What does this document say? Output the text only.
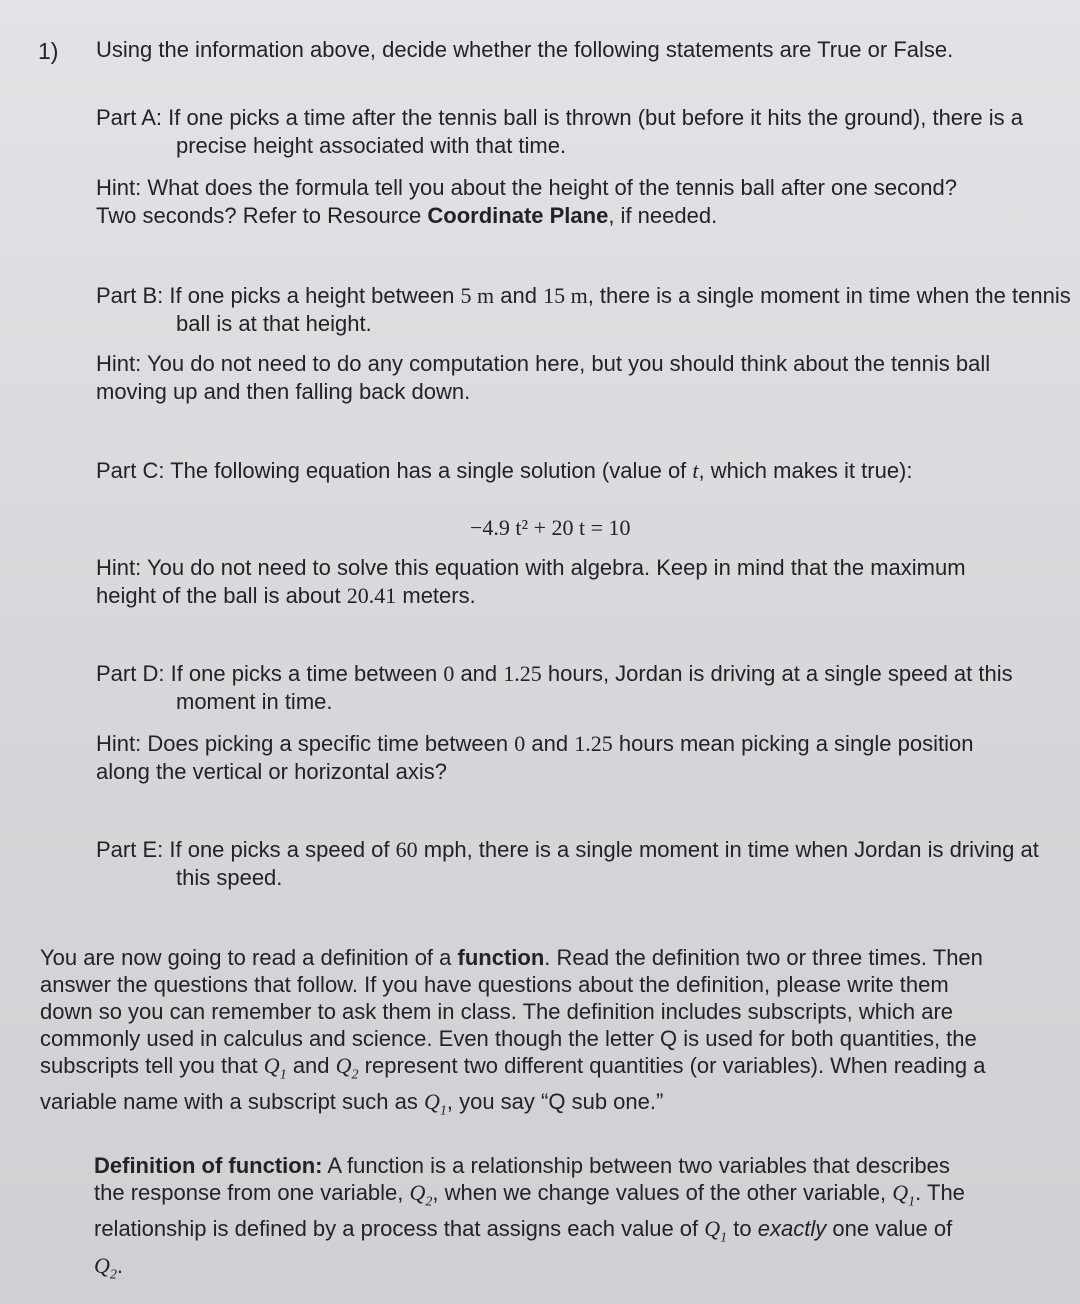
1) Using the information above, decide whether the following statements are True or False.
Part A: If one picks a time after the tennis ball is thrown (but before it hits the ground), there is a precise height associated with that time.
Hint: What does the formula tell you about the height of the tennis ball after one second? Two seconds? Refer to Resource Coordinate Plane, if needed.
Part B: If one picks a height between 5 m and 15 m, there is a single moment in time when the tennis ball is at that height.
Hint: You do not need to do any computation here, but you should think about the tennis ball moving up and then falling back down.
Part C: The following equation has a single solution (value of t, which makes it true):
−4.9 t² + 20 t = 10
Hint: You do not need to solve this equation with algebra. Keep in mind that the maximum height of the ball is about 20.41 meters.
Part D: If one picks a time between 0 and 1.25 hours, Jordan is driving at a single speed at this moment in time.
Hint: Does picking a specific time between 0 and 1.25 hours mean picking a single position along the vertical or horizontal axis?
Part E: If one picks a speed of 60 mph, there is a single moment in time when Jordan is driving at this speed.
You are now going to read a definition of a function. Read the definition two or three times. Then answer the questions that follow. If you have questions about the definition, please write them down so you can remember to ask them in class. The definition includes subscripts, which are commonly used in calculus and science. Even though the letter Q is used for both quantities, the subscripts tell you that $Q_1$ and $Q_2$ represent two different quantities (or variables). When reading a variable name with a subscript such as $Q_1$, you say “Q sub one.”
Definition of function: A function is a relationship between two variables that describes the response from one variable, $Q_2$, when we change values of the other variable, $Q_1$. The relationship is defined by a process that assigns each value of $Q_1$ to exactly one value of $Q_2$.
